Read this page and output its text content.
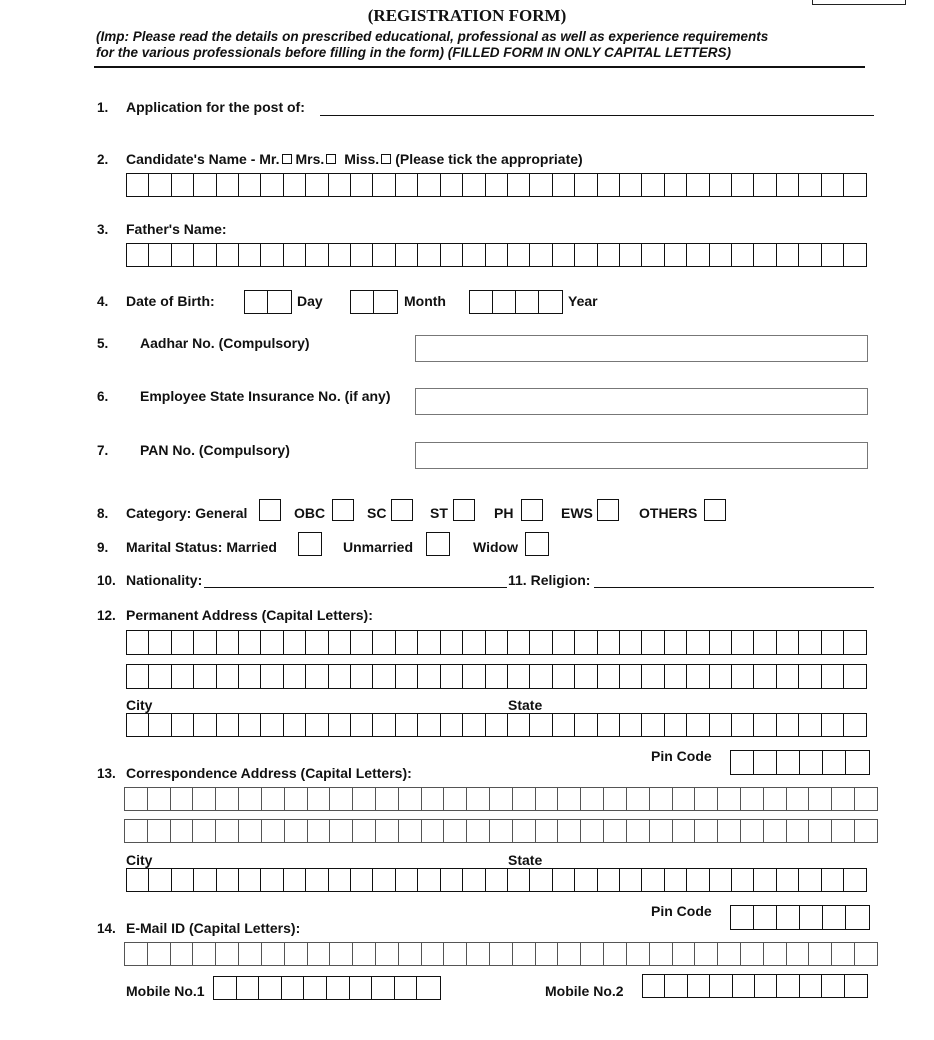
(REGISTRATION FORM)
(Imp: Please read the details on prescribed educational, professional as well as experience requirements
for the various professionals before filling in the form) (FILLED FORM IN ONLY CAPITAL LETTERS)
1. Application for the post of:
2. Candidate's Name -
Mr. Mrs.
Miss. (Please tick the appropriate)
3. Father's Name:
4. Date of Birth:	Day	Month	Year
5. Aadhar No. (Compulsory)
6. Employee State Insurance No. (if any)
7. PAN No. (Compulsory)
8. Category: General	OBC	SC	ST	PH	EWS	OTHERS
9. Marital Status: Married	Unmarried	Widow
10. Nationality:	11. Religion:
12. Permanent Address (Capital Letters):
City	State
Pin Code
13. Correspondence Address (Capital Letters):
City	State
Pin Code
14. E-Mail ID (Capital Letters):
Mobile No.1	Mobile No.2
